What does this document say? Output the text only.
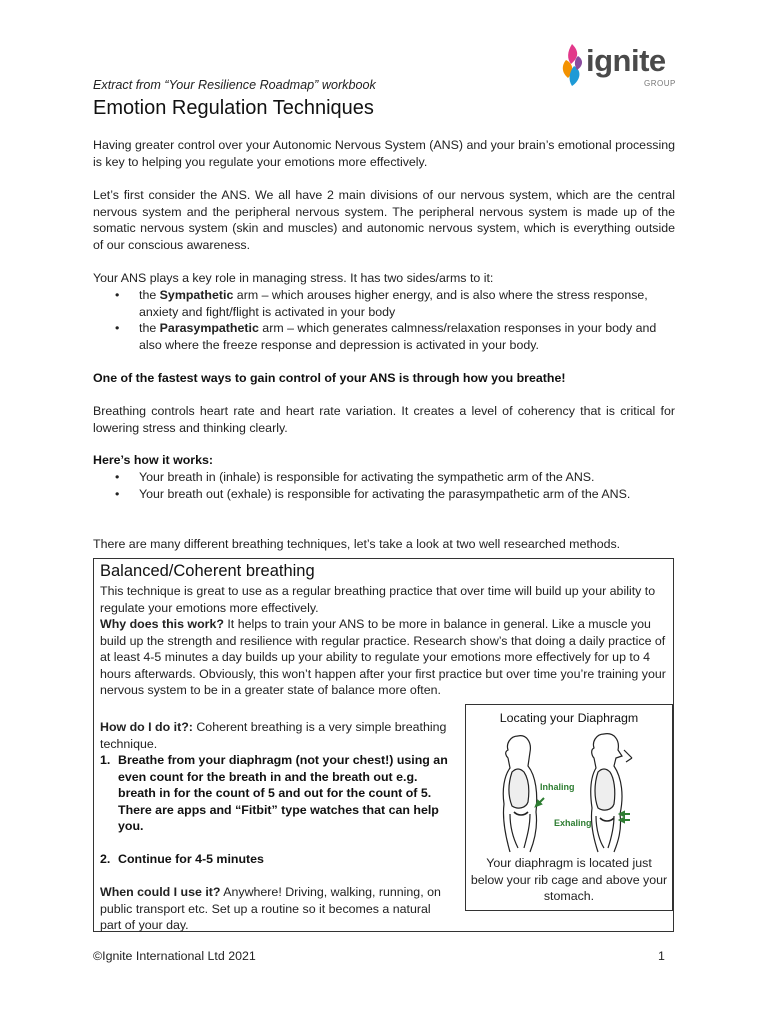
Extract from “Your Resilience Roadmap” workbook
Emotion Regulation Techniques
ignite
GROUP

Having greater control over your Autonomic Nervous System (ANS) and your brain’s emotional processing is key to helping you regulate your emotions more effectively.

Let’s first consider the ANS. We all have 2 main divisions of our nervous system, which are the central nervous system and the peripheral nervous system. The peripheral nervous system is made up of the somatic nervous system (skin and muscles) and autonomic nervous system, which is everything outside of our conscious awareness.

Your ANS plays a key role in managing stress. It has two sides/arms to it:

• the Sympathetic arm – which arouses higher energy, and is also where the stress response, anxiety and fight/flight is activated in your body
• the Parasympathetic arm – which generates calmness/relaxation responses in your body and also where the freeze response and depression is activated in your body.

One of the fastest ways to gain control of your ANS is through how you breathe!

Breathing controls heart rate and heart rate variation. It creates a level of coherency that is critical for lowering stress and thinking clearly.

Here’s how it works:

• Your breath in (inhale) is responsible for activating the sympathetic arm of the ANS.
• Your breath out (exhale) is responsible for activating the parasympathetic arm of the ANS.

There are many different breathing techniques, let’s take a look at two well researched methods.

Balanced/Coherent breathing

This technique is great to use as a regular breathing practice that over time will build up your ability to regulate your emotions more effectively.

Why does this work? It helps to train your ANS to be more in balance in general. Like a muscle you build up the strength and resilience with regular practice. Research show’s that doing a daily practice of at least 4-5 minutes a day builds up your ability to regulate your emotions more effectively for up to 4 hours afterwards. Obviously, this won’t happen after your first practice but over time you’re training your nervous system to be in a greater state of balance more often.

How do I do it?: Coherent breathing is a very simple breathing technique.

1. Breathe from your diaphragm (not your chest!) using an even count for the breath in and the breath out e.g. breath in for the count of 5 and out for the count of 5. There are apps and “Fitbit” type watches that can help you.
2. Continue for 4-5 minutes

When could I use it? Anywhere! Driving, walking, running, on public transport etc. Set up a routine so it becomes a natural part of your day.

Locating your Diaphragm
Inhaling
Exhaling
Your diaphragm is located just below your rib cage and above your stomach.
©Ignite International Ltd 2021	1
